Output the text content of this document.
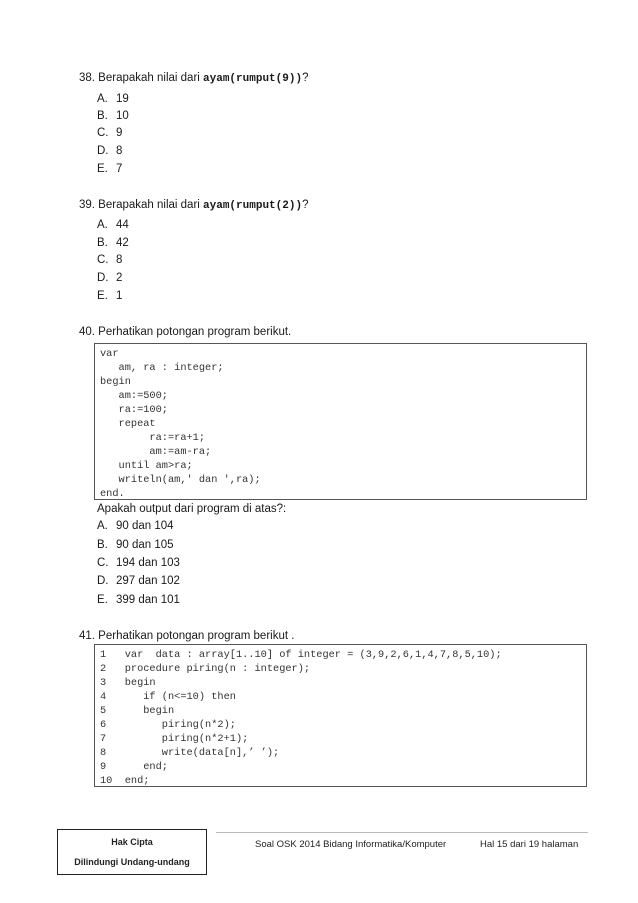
38. Berapakah nilai dari ayam(rumput(9))?
A. 19
B. 10
C. 9
D. 8
E. 7
39. Berapakah nilai dari ayam(rumput(2))?
A. 44
B. 42
C. 8
D. 2
E. 1
40. Perhatikan potongan program berikut.
var
am, ra : integer;
begin
am:=500;
ra:=100;
repeat
ra:=ra+1;
am:=am-ra;
until am>ra;
writeln(am,' dan ',ra);
end.
Apakah output dari program di atas?:
A. 90 dan 104
B. 90 dan 105
C. 194 dan 103
D. 297 dan 102
E. 399 dan 101
41. Perhatikan potongan program berikut .
1   var  data : array[1..10] of integer = (3,9,2,6,1,4,7,8,5,10);
2   procedure piring(n : integer);
3   begin
4      if (n<=10) then
5      begin
6         piring(n*2);
7         piring(n*2+1);
8         write(data[n],’ ’);
9      end;
10  end;
Hak Cipta
Dilindungi Undang-undang
Soal OSK 2014 Bidang Informatika/Komputer	Hal 15 dari 19 halaman
